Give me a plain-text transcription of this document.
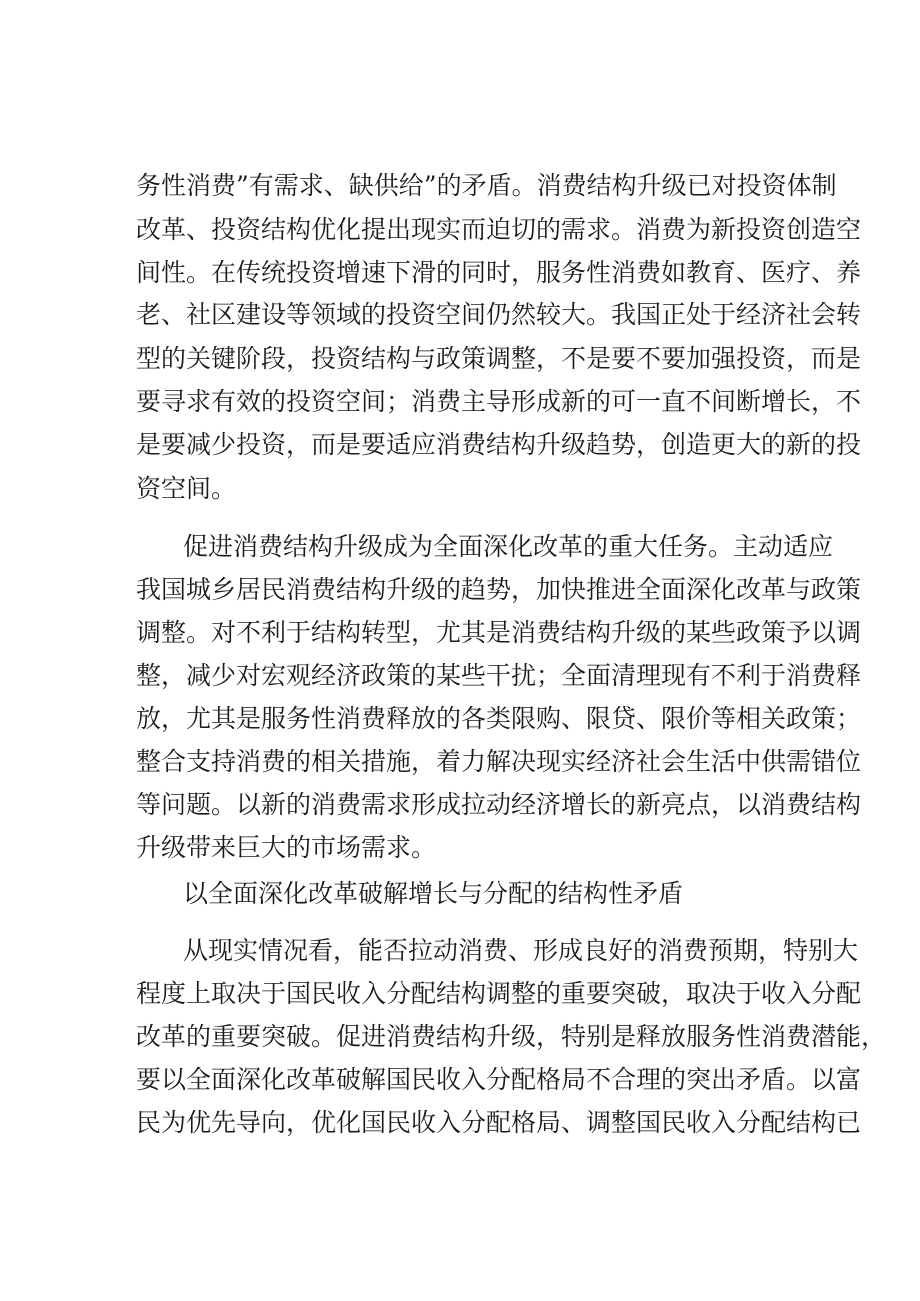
务性消费”有需求、缺供给”的矛盾。消费结构升级已对投资体制
改革、投资结构优化提出现实而迫切的需求。消费为新投资创造空
间性。在传统投资增速下滑的同时，服务性消费如教育、医疗、养
老、社区建设等领域的投资空间仍然较大。我国正处于经济社会转
型的关键阶段，投资结构与政策调整，不是要不要加强投资，而是
要寻求有效的投资空间；消费主导形成新的可一直不间断增长，不
是要减少投资，而是要适应消费结构升级趋势，创造更大的新的投
资空间。
促进消费结构升级成为全面深化改革的重大任务。主动适应
我国城乡居民消费结构升级的趋势，加快推进全面深化改革与政策
调整。对不利于结构转型，尤其是消费结构升级的某些政策予以调
整，减少对宏观经济政策的某些干扰；全面清理现有不利于消费释
放，尤其是服务性消费释放的各类限购、限贷、限价等相关政策；
整合支持消费的相关措施，着力解决现实经济社会生活中供需错位
等问题。以新的消费需求形成拉动经济增长的新亮点，以消费结构
升级带来巨大的市场需求。
以全面深化改革破解增长与分配的结构性矛盾
从现实情况看，能否拉动消费、形成良好的消费预期，特别大
程度上取决于国民收入分配结构调整的重要突破，取决于收入分配
改革的重要突破。促进消费结构升级，特别是释放服务性消费潜能，
要以全面深化改革破解国民收入分配格局不合理的突出矛盾。以富
民为优先导向，优化国民收入分配格局、调整国民收入分配结构已
